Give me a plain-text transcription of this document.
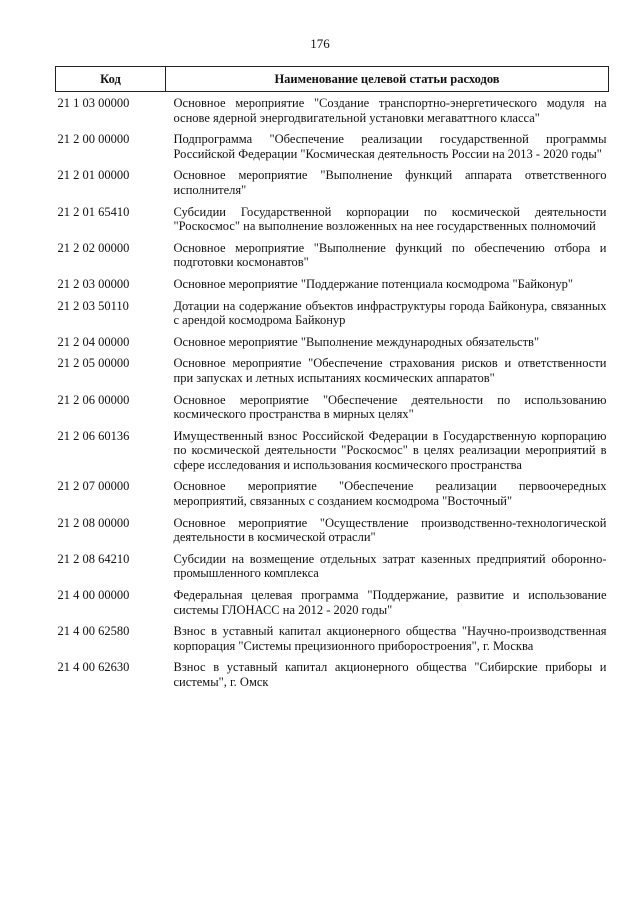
176
Код	Наименование целевой статьи расходов
21 1 03 00000	Основное мероприятие "Создание транспортно-энергетического модуля на основе ядерной энергодвигательной установки мегаваттного класса"
21 2 00 00000	Подпрограмма "Обеспечение реализации государственной программы Российской Федерации "Космическая деятельность России на 2013 - 2020 годы"
21 2 01 00000	Основное мероприятие "Выполнение функций аппарата ответственного исполнителя"
21 2 01 65410	Субсидии Государственной корпорации по космической деятельности "Роскосмос" на выполнение возложенных на нее государственных полномочий
21 2 02 00000	Основное мероприятие "Выполнение функций по обеспечению отбора и подготовки космонавтов"
21 2 03 00000	Основное мероприятие "Поддержание потенциала космодрома "Байконур"
21 2 03 50110	Дотации на содержание объектов инфраструктуры города Байконура, связанных с арендой космодрома Байконур
21 2 04 00000	Основное мероприятие "Выполнение международных обязательств"
21 2 05 00000	Основное мероприятие "Обеспечение страхования рисков и ответственности при запусках и летных испытаниях космических аппаратов"
21 2 06 00000	Основное мероприятие "Обеспечение деятельности по использованию космического пространства в мирных целях"
21 2 06 60136	Имущественный взнос Российской Федерации в Государственную корпорацию по космической деятельности "Роскосмос" в целях реализации мероприятий в сфере исследования и использования космического пространства
21 2 07 00000	Основное мероприятие "Обеспечение реализации первоочередных мероприятий, связанных с созданием космодрома "Восточный"
21 2 08 00000	Основное мероприятие "Осуществление производственно-технологической деятельности в космической отрасли"
21 2 08 64210	Субсидии на возмещение отдельных затрат казенных предприятий оборонно-промышленного комплекса
21 4 00 00000	Федеральная целевая программа "Поддержание, развитие и использование системы ГЛОНАСС на 2012 - 2020 годы"
21 4 00 62580	Взнос в уставный капитал акционерного общества "Научно-производственная корпорация "Системы прецизионного приборостроения", г. Москва
21 4 00 62630	Взнос в уставный капитал акционерного общества "Сибирские приборы и системы", г. Омск
